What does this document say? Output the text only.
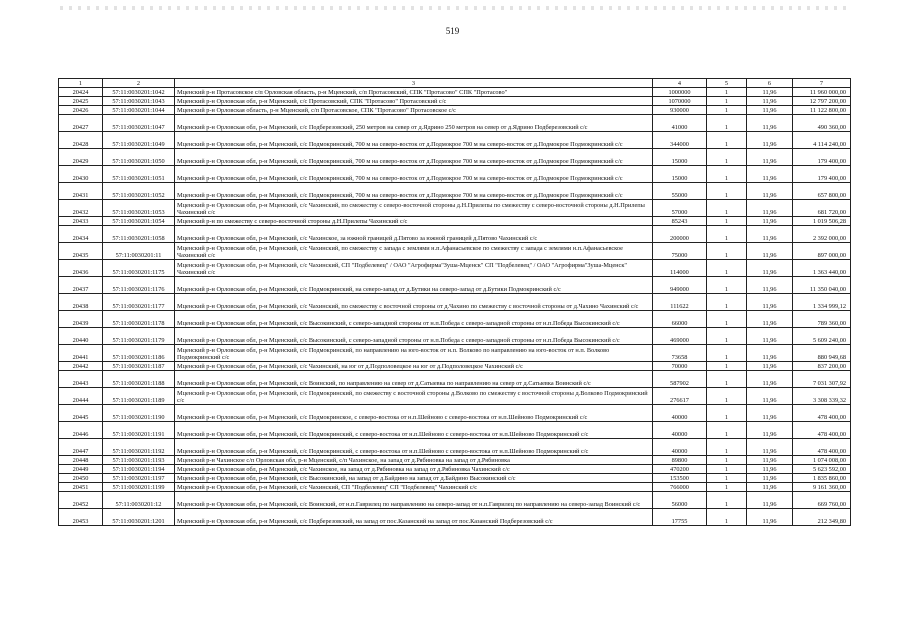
519
1	2	3	4	5	6	7
20424	57:11:0030201:1042	Мценский р-н Протасовское с/п Орловская область, р-н Мценский, с/п Протасовский, СПК "Протасово" СПК "Протасово"	1000000	1	11,96	11 960 000,00
20425	57:11:0030201:1043	Мценский р-н Орловская обл, р-н Мценский, с/с Протасовский, СПК "Протасово" Протасовский с/с	1070000	1	11,96	12 797 200,00
20426	57:11:0030201:1044	Мценский р-н Орловская область, р-н Мценский, с/п Протасовское, СПК "Протасово" Протасовское с/с	930000	1	11,96	11 122 800,00
20427	57:11:0030201:1047	Мценский р-н Орловская обл, р-н Мценский, с/с Подберезовский, 250 метров на север от д.Ядрино 250 метров на север от д.Ядрино Подберезовский с/с	41000	1	11,96	490 360,00
20428	57:11:0030201:1049	Мценский р-н Орловская обл, р-н Мценский, с/с Подмокринский, 700 м на северо-восток от д.Подмокрое 700 м на северо-восток от д.Подмокрое Подмокринский с/с	344000	1	11,96	4 114 240,00
20429	57:11:0030201:1050	Мценский р-н Орловская обл, р-н Мценский, с/с Подмокринский, 700 м на северо-восток от д.Подмокрое 700 м на северо-восток от д.Подмокрое Подмокринский с/с	15000	1	11,96	179 400,00
20430	57:11:0030201:1051	Мценский р-н Орловская обл, р-н Мценский, с/с Подмокринский, 700 м на северо-восток от д.Подмокрое 700 м на северо-восток от д.Подмокрое Подмокринский с/с	15000	1	11,96	179 400,00
20431	57:11:0030201:1052	Мценский р-н Орловская обл, р-н Мценский, с/с Подмокринский, 700 м на северо-восток от д.Подмокрое 700 м на северо-восток от д.Подмокрое Подмокринский с/с	55000	1	11,96	657 800,00
20432	57:11:0030201:1053	Мценский р-н Орловская обл, р-н Мценский, с/с Чахинский, по смежеству с северо-восточной стороны д.Н.Прилепы по смежеству с северо-восточной стороны д.Н.Прилепы Чахинский с/с	57000	1	11,96	681 720,00
20433	57:11:0030201:1054	Мценский р-н по смежеству с северо-восточной стороны д.Н.Прилепы Чахинский с/с	85243	1	11,96	1 019 506,28
20434	57:11:0030201:1058	Мценский р-н Орловская обл, р-н Мценский, с/с Чахинское, за южной границей д.Пятово за южной границей д.Пятово Чахинский с/с	200000	1	11,96	2 392 000,00
20435	57:11:0030201:11	Мценский р-н Орловская обл, р-н Мценский, с/с Чахинский, по смежеству с запада с землями н.п.Афанасьевское по смежеству с запада с землями н.п.Афанасьевское Чахинский с/с	75000	1	11,96	897 000,00
20436	57:11:0030201:1175	Мценский р-н Орловская обл, р-н Мценский, с/с Чахинский, СП "Подбелевец" / ОАО "Агрофирма"Зуша-Мценск" СП "Подбелевец" / ОАО "Агрофирма"Зуша-Мценск" Чахинский с/с	114000	1	11,96	1 363 440,00
20437	57:11:0030201:1176	Мценский р-н Орловская обл, р-н Мценский, с/с Подмокринский, на северо-запад от д.Бутики на северо-запад от д.Бутики Подмокринский с/с	949000	1	11,96	11 350 040,00
20438	57:11:0030201:1177	Мценский р-н Орловская обл, р-н Мценский, с/с Чахинский, по смежеству с восточной стороны от д.Чахино по смежеству с восточной стороны от д.Чахино Чахинский с/с	111622	1	11,96	1 334 999,12
20439	57:11:0030201:1178	Мценский р-н Орловская обл, р-н Мценский, с/с Высокинский, с северо-западной стороны от н.п.Победа с северо-западной стороны от н.п.Победа Высокинский с/с	66000	1	11,96	789 360,00
20440	57:11:0030201:1179	Мценский р-н Орловская обл, р-н Мценский, с/с Высокинский, с северо-западной стороны от н.п.Победа с северо-западной стороны от н.п.Победа Высокинский с/с	469000	1	11,96	5 609 240,00
20441	57:11:0030201:1186	Мценский р-н Орловская обл, р-н Мценский, с/с Подмокринский, по направлению на юго-восток от н.п. Волково по направлению на юго-восток от н.п. Волково Подмокринский с/с	73658	1	11,96	880 949,68
20442	57:11:0030201:1187	Мценский р-н Орловская обл, р-н Мценский, с/с Чахинский, на юг от д.Подполовецкое на юг от д.Подполовецкое Чахинский с/с	70000	1	11,96	837 200,00
20443	57:11:0030201:1188	Мценский р-н Орловская обл, р-н Мценский, с/с Воинский, по направлению на север от д.Сатыевка по направлению на север от д.Сатыевка Воинский с/с	587902	1	11,96	7 031 307,92
20444	57:11:0030201:1189	Мценский р-н Орловская обл, р-н Мценский, с/с Подмокринский, по смежеству с восточной стороны д.Волково по смежеству с восточной стороны д.Волково Подмокринский с/с	276617	1	11,96	3 308 339,32
20445	57:11:0030201:1190	Мценский р-н Орловская обл, р-н Мценский, с/с Подмокринское, с северо-востока от н.п.Шейново с северо-востока от н.п.Шейново Подмокринский с/с	40000	1	11,96	478 400,00
20446	57:11:0030201:1191	Мценский р-н Орловская обл, р-н Мценский, с/с Подмокринский, с северо-востока от н.п.Шейново с северо-востока от н.п.Шейново Подмокринский с/с	40000	1	11,96	478 400,00
20447	57:11:0030201:1192	Мценский р-н Орловская обл, р-н Мценский, с/с Подмокринский, с северо-востока от н.п.Шейново с северо-востока от н.п.Шейново Подмокринский с/с	40000	1	11,96	478 400,00
20448	57:11:0030201:1193	Мценский р-н Чахинское с/п Орловская обл, р-н Мценский, с/п Чахинское, на запад от д.Рябиновка на запад от д.Рябиновка	89800	1	11,96	1 074 008,00
20449	57:11:0030201:1194	Мценский р-н Орловская обл, р-н Мценский, с/с Чахинское, на запад от д.Рябиновка на запад от д.Рябиновка Чахинский с/с	470200	1	11,96	5 623 592,00
20450	57:11:0030201:1197	Мценский р-н Орловская обл, р-н Мценский, с/с Высокинский, на запад от д.Байдино на запад от д.Байдино Высокинский с/с	153500	1	11,96	1 835 860,00
20451	57:11:0030201:1199	Мценский р-н Орловская обл, р-н Мценский, с/с Чахинский, СП "Подбелевец" СП "Подбелевец" Чахинский с/с	766000	1	11,96	9 161 360,00
20452	57:11:0030201:12	Мценский р-н Орловская обл, р-н Мценский, с/с Воинский, от н.п.Гаврилец по направлению на северо-запад от н.п.Гаврилец по направлению на северо-запад Воинский с/с	56000	1	11,96	669 760,00
20453	57:11:0030201:1201	Мценский р-н Орловская обл, р-н Мценский, с/с Подберезовский, на запад от пос.Казанский на запад от пос.Казанский Подберезовский с/с	17755	1	11,96	212 349,80
